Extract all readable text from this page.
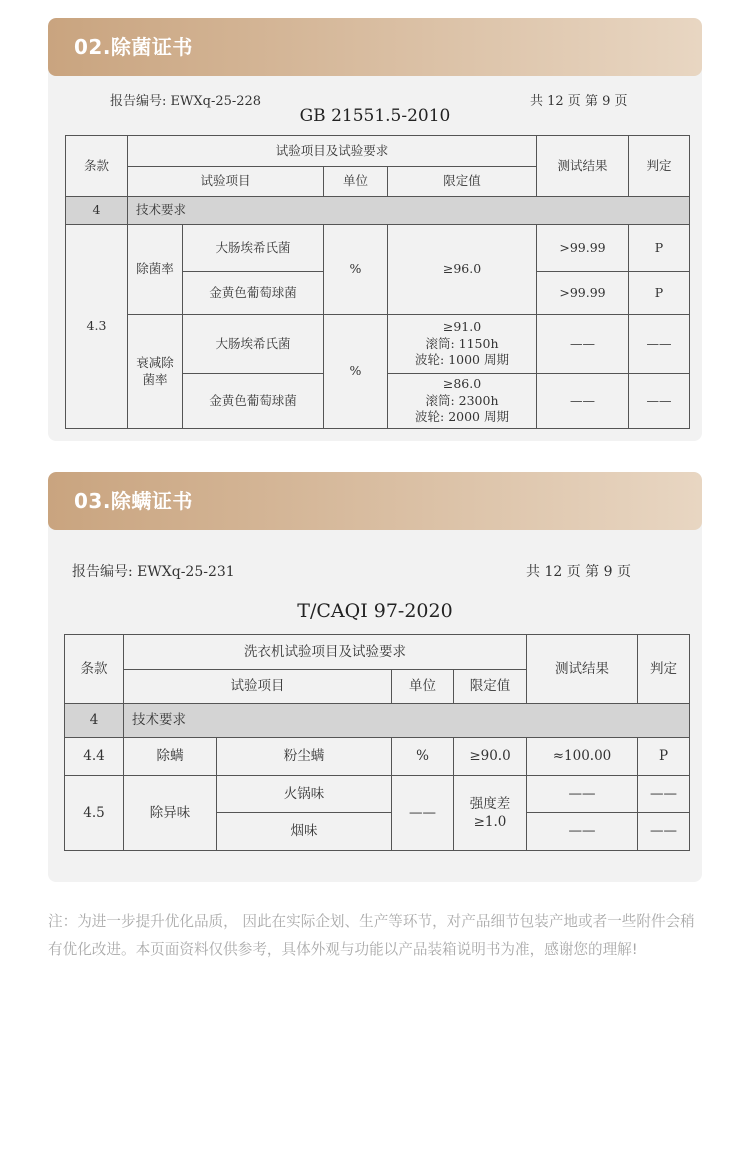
02.除菌证书
报告编号: EWXq-25-228	共 12 页 第 9 页
GB 21551.5-2010
条款	试验项目及试验要求				测试结果	判定
	试验项目		单位	限定值		
4	技术要求					
4.3	除菌率	大肠埃希氏菌	%	≥96.0	>99.99	P
		金黄色葡萄球菌			>99.99	P
	衰减除菌率	大肠埃希氏菌	%	≥91.0
滚筒: 1150h
波轮: 1000 周期	——	——
		金黄色葡萄球菌		≥86.0
滚筒: 2300h
波轮: 2000 周期	——	——
03.除螨证书
报告编号: EWXq-25-231	共 12 页 第 9 页
T/CAQI 97-2020
条款	洗衣机试验项目及试验要求				测试结果	判定
	试验项目		单位	限定值		
4	技术要求					
4.4	除螨	粉尘螨	%	≥90.0	≈100.00	P
4.5	除异味	火锅味	——	强度差
≥1.0	——	——
		烟味			——	——
注：为进一步提升优化品质， 因此在实际企划、生产等环节，对产品细节包装产地或者一些附件会稍有优化改进。本页面资料仅供参考，具体外观与功能以产品装箱说明书为准，感谢您的理解!
